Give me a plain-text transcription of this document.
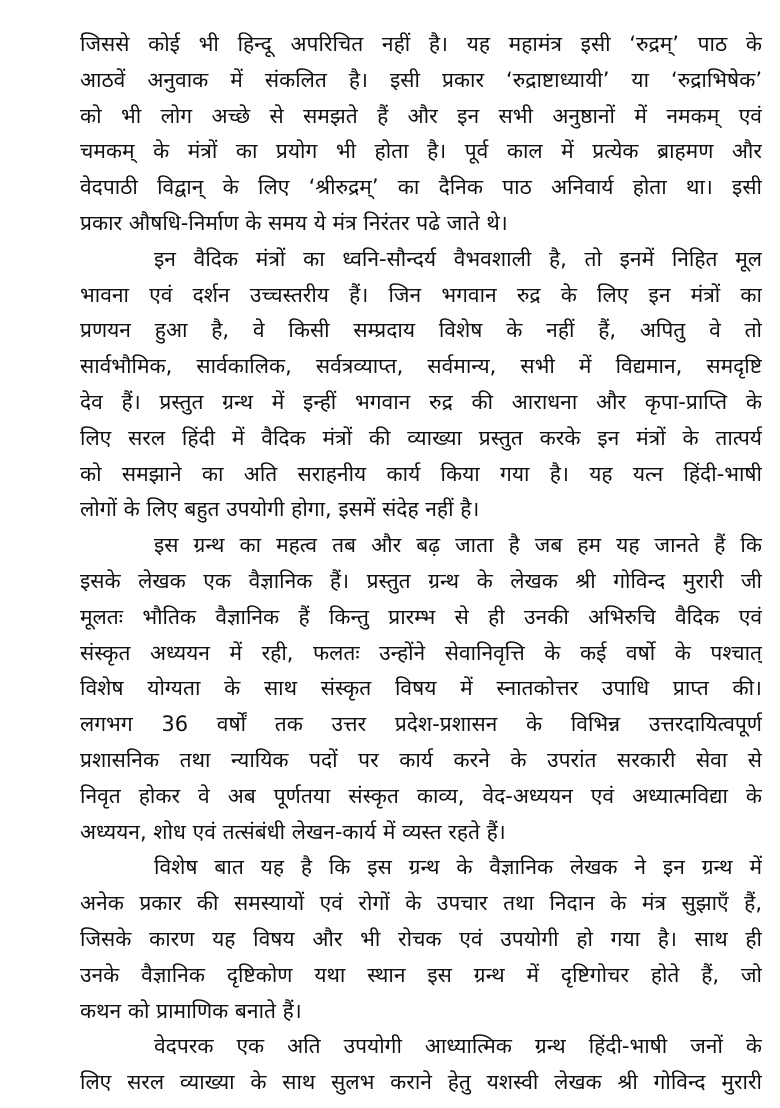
जिससे कोई भी हिन्दू अपरिचित नहीं है। यह महामंत्र इसी ‘रुद्रम्’ पाठ के
आठवें अनुवाक में संकलित है। इसी प्रकार ‘रुद्राष्टाध्यायी’ या ‘रुद्राभिषेक’
को भी लोग अच्छे से समझते हैं और इन सभी अनुष्ठानों में नमकम् एवं
चमकम् के मंत्रों का प्रयोग भी होता है। पूर्व काल में प्रत्येक ब्राहमण और
वेदपाठी विद्वान् के लिए ‘श्रीरुद्रम्’ का दैनिक पाठ अनिवार्य होता था। इसी
प्रकार औषधि-निर्माण के समय ये मंत्र निरंतर पढे जाते थे।
इन वैदिक मंत्रों का ध्वनि-सौन्दर्य वैभवशाली है, तो इनमें निहित मूल
भावना एवं दर्शन उच्चस्तरीय हैं। जिन भगवान रुद्र के लिए इन मंत्रों का
प्रणयन हुआ है, वे किसी सम्प्रदाय विशेष के नहीं हैं, अपितु वे तो
सार्वभौमिक, सार्वकालिक, सर्वत्रव्याप्त, सर्वमान्य, सभी में विद्यमान, समदृष्टि
देव हैं। प्रस्तुत ग्रन्थ में इन्हीं भगवान रुद्र की आराधना और कृपा-प्राप्ति के
लिए सरल हिंदी में वैदिक मंत्रों की व्याख्या प्रस्तुत करके इन मंत्रों के तात्पर्य
को समझाने का अति सराहनीय कार्य किया गया है। यह यत्न हिंदी-भाषी
लोगों के लिए बहुत उपयोगी होगा, इसमें संदेह नहीं है।
इस ग्रन्थ का महत्व तब और बढ़ जाता है जब हम यह जानते हैं कि
इसके लेखक एक वैज्ञानिक हैं। प्रस्तुत ग्रन्थ के लेखक श्री गोविन्द मुरारी जी
मूलतः भौतिक वैज्ञानिक हैं किन्तु प्रारम्भ से ही उनकी अभिरुचि वैदिक एवं
संस्कृत अध्ययन में रही, फलतः उन्होंने सेवानिवृत्ति के कई वर्षो के पश्चात्
विशेष योग्यता के साथ संस्कृत विषय में स्नातकोत्तर उपाधि प्राप्त की।
लगभग 36 वर्षों तक उत्तर प्रदेश-प्रशासन के विभिन्न उत्तरदायित्वपूर्ण
प्रशासनिक तथा न्यायिक पदों पर कार्य करने के उपरांत सरकारी सेवा से
निवृत होकर वे अब पूर्णतया संस्कृत काव्य, वेद-अध्ययन एवं अध्यात्मविद्या के
अध्ययन, शोध एवं तत्संबंधी लेखन-कार्य में व्यस्त रहते हैं।
विशेष बात यह है कि इस ग्रन्थ के वैज्ञानिक लेखक ने इन ग्रन्थ में
अनेक प्रकार की समस्यायों एवं रोगों के उपचार तथा निदान के मंत्र सुझाएँ हैं,
जिसके कारण यह विषय और भी रोचक एवं उपयोगी हो गया है। साथ ही
उनके वैज्ञानिक दृष्टिकोण यथा स्थान इस ग्रन्थ में दृष्टिगोचर होते हैं, जो
कथन को प्रामाणिक बनाते हैं।
वेदपरक एक अति उपयोगी आध्यात्मिक ग्रन्थ हिंदी-भाषी जनों के
लिए सरल व्याख्या के साथ सुलभ कराने हेतु यशस्वी लेखक श्री गोविन्द मुरारी
